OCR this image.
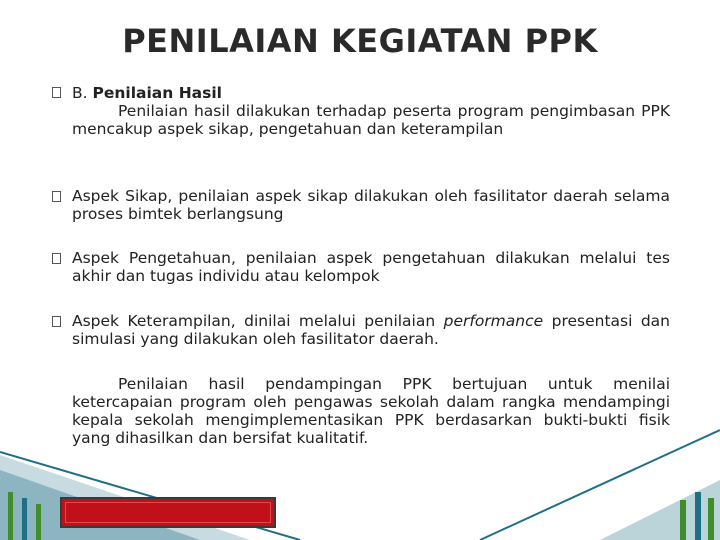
PENILAIAN KEGIATAN PPK
B. Penilaian Hasil
Penilaian hasil dilakukan terhadap peserta program pengimbasan PPK mencakup aspek sikap, pengetahuan dan keterampilan
Aspek Sikap, penilaian aspek sikap dilakukan oleh fasilitator daerah selama proses bimtek berlangsung
Aspek Pengetahuan, penilaian aspek pengetahuan dilakukan melalui tes akhir dan tugas individu atau kelompok
Aspek Keterampilan, dinilai melalui penilaian performance presentasi dan simulasi yang dilakukan oleh fasilitator daerah.
Penilaian hasil pendampingan PPK bertujuan untuk menilai ketercapaian program oleh pengawas sekolah dalam rangka mendampingi kepala sekolah mengimplementasikan PPK berdasarkan bukti-bukti fisik yang dihasilkan dan bersifat kualitatif.
